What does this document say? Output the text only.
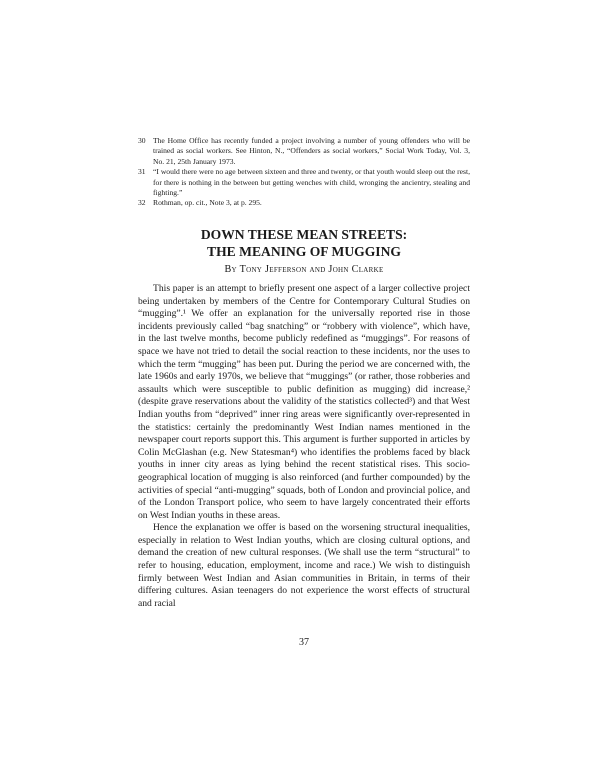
30 The Home Office has recently funded a project involving a number of young offenders who will be trained as social workers. See Hinton, N., “Offenders as social workers,” Social Work Today, Vol. 3, No. 21, 25th January 1973.
31 “I would there were no age between sixteen and three and twenty, or that youth would sleep out the rest, for there is nothing in the between but getting wenches with child, wronging the ancientry, stealing and fighting.”
32 Rothman, op. cit., Note 3, at p. 295.
DOWN THESE MEAN STREETS:
THE MEANING OF MUGGING
By Tony Jefferson and John Clarke

This paper is an attempt to briefly present one aspect of a larger collective project being undertaken by members of the Centre for Contemporary Cultural Studies on “mugging”.¹ We offer an explanation for the universally reported rise in those incidents previously called “bag snatching” or “robbery with violence”, which have, in the last twelve months, become publicly redefined as “muggings”. For reasons of space we have not tried to detail the social reaction to these incidents, nor the uses to which the term “mugging” has been put. During the period we are concerned with, the late 1960s and early 1970s, we believe that “muggings” (or rather, those robberies and assaults which were susceptible to public definition as mugging) did increase,² (despite grave reservations about the validity of the statistics collected³) and that West Indian youths from “deprived” inner ring areas were significantly over-represented in the statistics: certainly the predominantly West Indian names mentioned in the newspaper court reports support this. This argument is further supported in articles by Colin McGlashan (e.g. New Statesman⁴) who identifies the problems faced by black youths in inner city areas as lying behind the recent statistical rises. This socio-geographical location of mugging is also reinforced (and further compounded) by the activities of special “anti-mugging” squads, both of London and provincial police, and of the London Transport police, who seem to have largely concentrated their efforts on West Indian youths in these areas.

Hence the explanation we offer is based on the worsening structural inequalities, especially in relation to West Indian youths, which are closing cultural options, and demand the creation of new cultural responses. (We shall use the term “structural” to refer to housing, education, employment, income and race.) We wish to distinguish firmly between West Indian and Asian communities in Britain, in terms of their differing cultures. Asian teenagers do not experience the worst effects of structural and racial

37
